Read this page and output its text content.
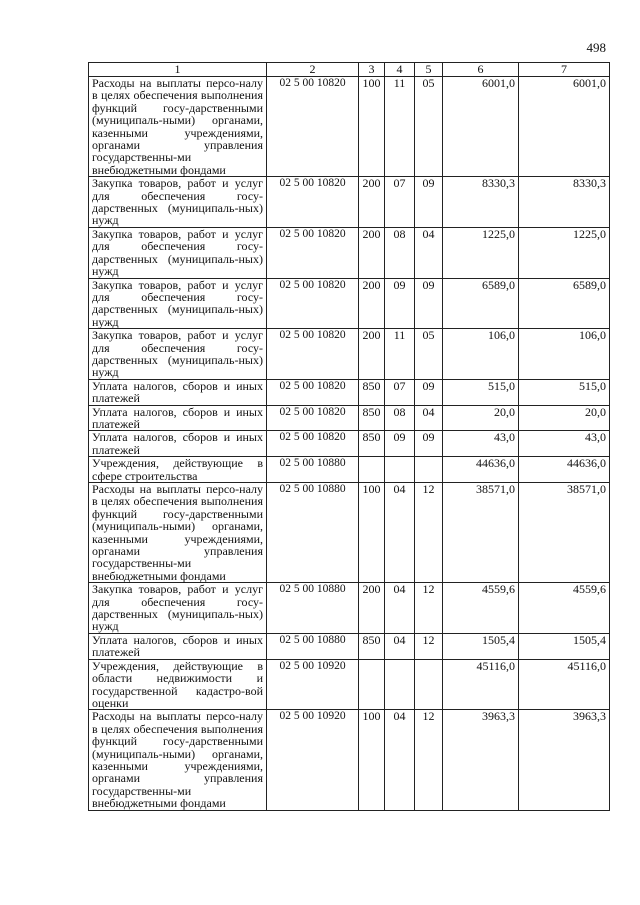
498
1	2	3	4	5	6	7
Расходы на выплаты персо-налу в целях обеспечения выполнения функций госу-дарственными (муниципаль-ными) органами, казенными учреждениями, органами управления государственны-ми внебюджетными фондами	02 5 00 10820	100	11	05	6001,0	6001,0
Закупка товаров, работ и услуг для обеспечения госу-дарственных (муниципаль-ных) нужд	02 5 00 10820	200	07	09	8330,3	8330,3
Закупка товаров, работ и услуг для обеспечения госу-дарственных (муниципаль-ных) нужд	02 5 00 10820	200	08	04	1225,0	1225,0
Закупка товаров, работ и услуг для обеспечения госу-дарственных (муниципаль-ных) нужд	02 5 00 10820	200	09	09	6589,0	6589,0
Закупка товаров, работ и услуг для обеспечения госу-дарственных (муниципаль-ных) нужд	02 5 00 10820	200	11	05	106,0	106,0
Уплата налогов, сборов и иных платежей	02 5 00 10820	850	07	09	515,0	515,0
Уплата налогов, сборов и иных платежей	02 5 00 10820	850	08	04	20,0	20,0
Уплата налогов, сборов и иных платежей	02 5 00 10820	850	09	09	43,0	43,0
Учреждения, действующие в сфере строительства	02 5 00 10880				44636,0	44636,0
Расходы на выплаты персо-налу в целях обеспечения выполнения функций госу-дарственными (муниципаль-ными) органами, казенными учреждениями, органами управления государственны-ми внебюджетными фондами	02 5 00 10880	100	04	12	38571,0	38571,0
Закупка товаров, работ и услуг для обеспечения госу-дарственных (муниципаль-ных) нужд	02 5 00 10880	200	04	12	4559,6	4559,6
Уплата налогов, сборов и иных платежей	02 5 00 10880	850	04	12	1505,4	1505,4
Учреждения, действующие в области недвижимости и государственной кадастро-вой оценки	02 5 00 10920				45116,0	45116,0
Расходы на выплаты персо-налу в целях обеспечения выполнения функций госу-дарственными (муниципаль-ными) органами, казенными учреждениями, органами управления государственны-ми внебюджетными фондами	02 5 00 10920	100	04	12	3963,3	3963,3
